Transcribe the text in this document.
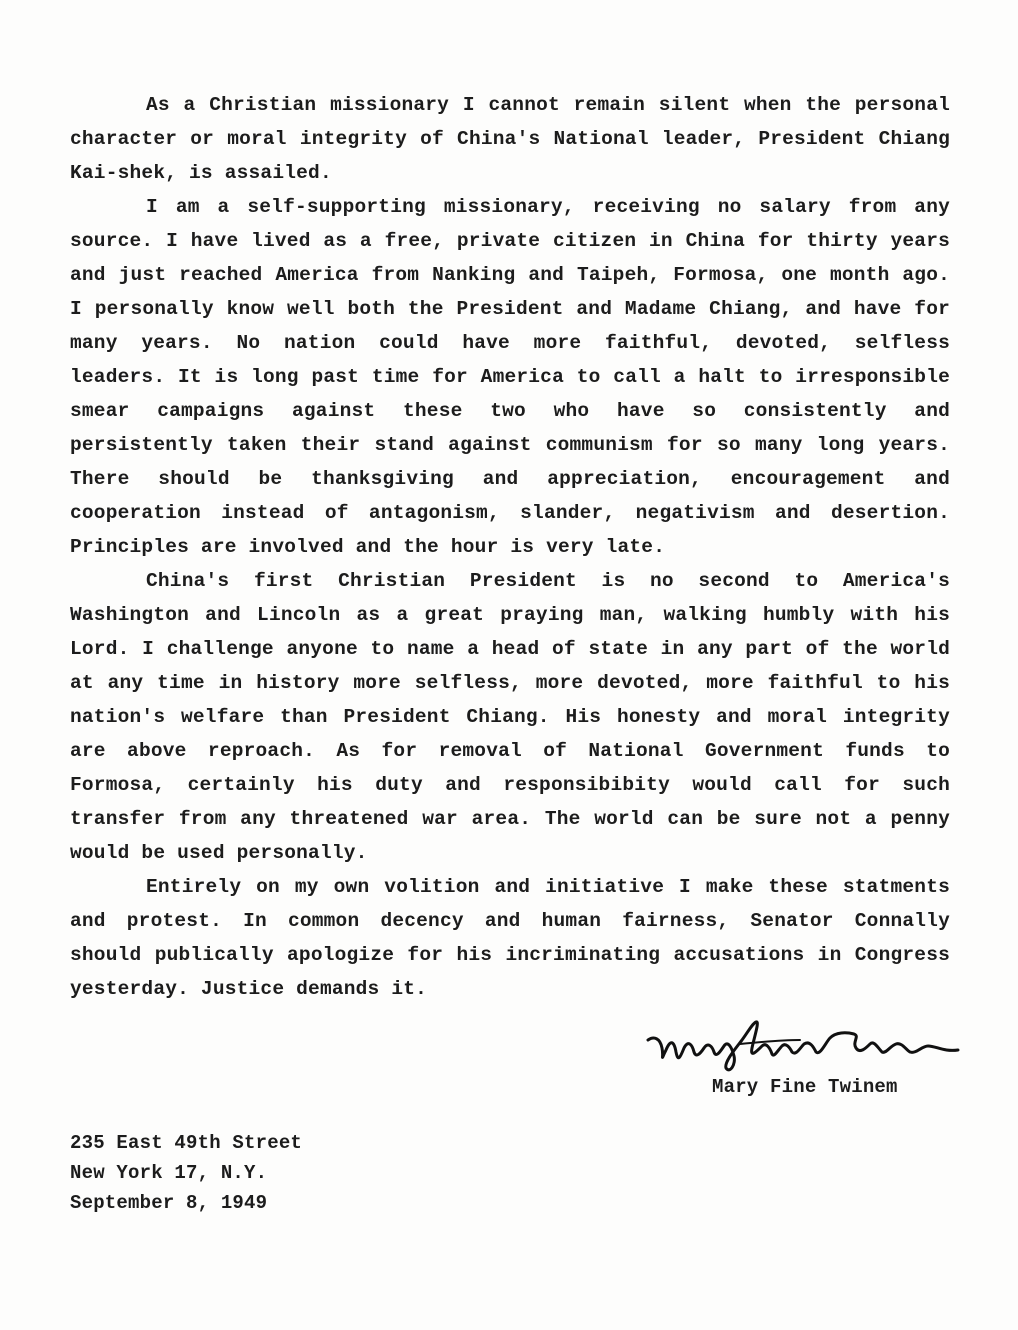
As a Christian missionary I cannot remain silent when the personal character or moral integrity of China's National leader, President Chiang Kai-shek, is assailed.

I am a self-supporting missionary, receiving no salary from any source. I have lived as a free, private citizen in China for thirty years and just reached America from Nanking and Taipeh, Formosa, one month ago. I personally know well both the President and Madame Chiang, and have for many years. No nation could have more faithful, devoted, selfless leaders. It is long past time for America to call a halt to irresponsible smear campaigns against these two who have so consistently and persistently taken their stand against communism for so many long years. There should be thanksgiving and appreciation, encouragement and cooperation instead of antagonism, slander, negativism and desertion. Principles are involved and the hour is very late.

China's first Christian President is no second to America's Washington and Lincoln as a great praying man, walking humbly with his Lord. I challenge anyone to name a head of state in any part of the world at any time in history more selfless, more devoted, more faithful to his nation's welfare than President Chiang. His honesty and moral integrity are above reproach. As for removal of National Government funds to Formosa, certainly his duty and responsibibity would call for such transfer from any threatened war area. The world can be sure not a penny would be used personally.

Entirely on my own volition and initiative I make these statments and protest. In common decency and human fairness, Senator Connally should publically apologize for his incriminating accusations in Congress yesterday. Justice demands it.

Mary Fine Twinem
235 East 49th Street
New York 17, N.Y.
September 8, 1949
